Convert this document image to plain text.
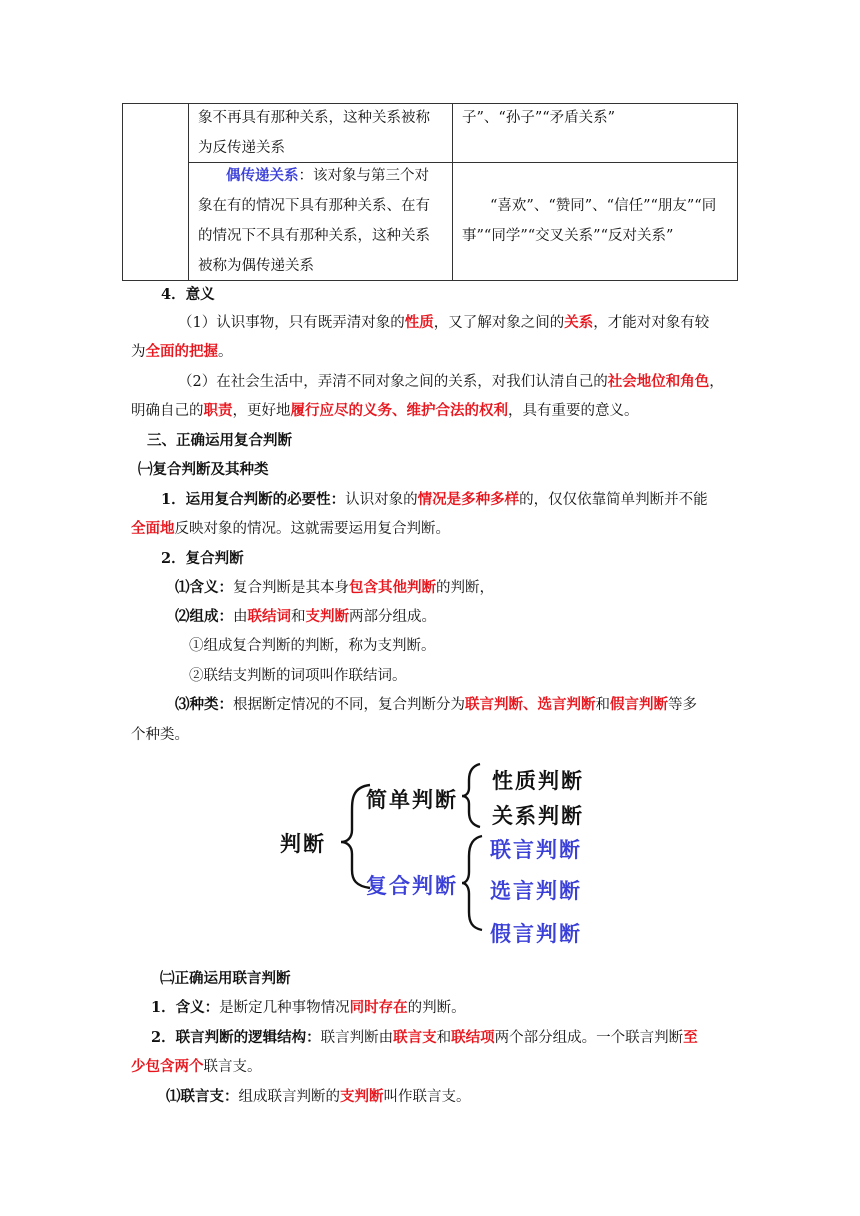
象不再具有那种关系，这种关系被称
为反传递关系
子”、“孙子”“矛盾关系”
偶传递关系：该对象与第三个对
象在有的情况下具有那种关系、在有
的情况下不具有那种关系，这种关系
被称为偶传递关系
“喜欢”、“赞同”、“信任”“朋友”“同
事”“同学”“交叉关系”“反对关系”
4．意义
（1）认识事物，只有既弄清对象的性质，又了解对象之间的关系，才能对对象有较
为全面的把握。
（2）在社会生活中，弄清不同对象之间的关系，对我们认清自己的社会地位和角色，
明确自己的职责，更好地履行应尽的义务、维护合法的权利，具有重要的意义。
三、正确运用复合判断
㈠复合判断及其种类
1．运用复合判断的必要性：认识对象的情况是多种多样的，仅仅依靠简单判断并不能
全面地反映对象的情况。这就需要运用复合判断。
2．复合判断
⑴含义：复合判断是其本身包含其他判断的判断，
⑵组成：由联结词和支判断两部分组成。
①组成复合判断的判断，称为支判断。
②联结支判断的词项叫作联结词。
⑶种类：根据断定情况的不同，复合判断分为联言判断、选言判断和假言判断等多
个种类。
判断
简单判断
复合判断
性质判断
关系判断
联言判断
选言判断
假言判断
㈡正确运用联言判断
1．含义：是断定几种事物情况同时存在的判断。
2．联言判断的逻辑结构：联言判断由联言支和联结项两个部分组成。一个联言判断至
少包含两个联言支。
⑴联言支：组成联言判断的支判断叫作联言支。
